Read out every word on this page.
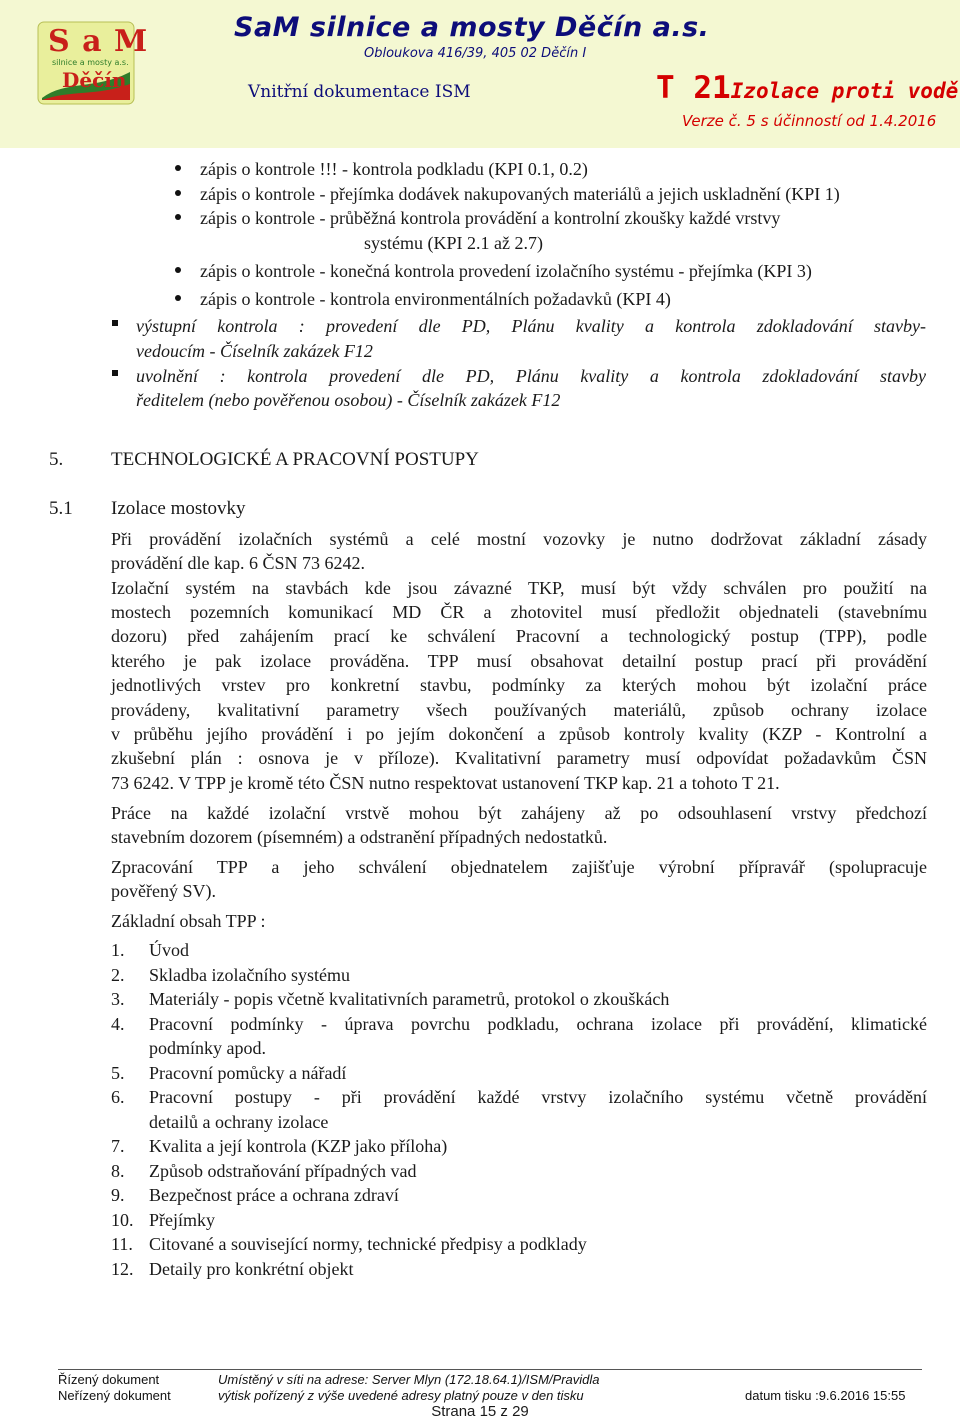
S a M
silnice a mosty a.s.
Děčín
SaM silnice a mosty Děčín a.s.
Obloukova 416/39, 405 02 Děčín I
Vnitřní dokumentace ISM	T 21Izolace proti vodě
Verze č. 5 s účinností od 1.4.2016
zápis o kontrole !!! - kontrola podkladu (KPI 0.1, 0.2)
zápis o kontrole - přejímka dodávek nakupovaných materiálů a jejich uskladnění (KPI 1)
zápis o kontrole - průběžná kontrola provádění a kontrolní zkoušky každé vrstvy
systému (KPI 2.1 až 2.7)
zápis o kontrole - konečná kontrola provedení izolačního systému - přejímka (KPI 3)
zápis o kontrole - kontrola environmentálních požadavků (KPI 4)
výstupní kontrola : provedení dle PD, Plánu kvality a kontrola zdokladování stavby-
vedoucím - Číselník zakázek F12
uvolnění : kontrola provedení dle PD, Plánu kvality a kontrola zdokladování stavby
ředitelem (nebo pověřenou osobou) - Číselník zakázek F12
5.	TECHNOLOGICKÉ A PRACOVNÍ POSTUPY
5.1 Izolace mostovky
Při provádění izolačních systémů a celé mostní vozovky je nutno dodržovat základní zásady
provádění dle kap. 6 ČSN 73 6242.
Izolační systém na stavbách kde jsou závazné TKP, musí být vždy schválen pro použití na
mostech pozemních komunikací MD ČR a zhotovitel musí předložit objednateli (stavebnímu
dozoru) před zahájením prací ke schválení Pracovní a technologický postup (TPP), podle
kterého je pak izolace prováděna. TPP musí obsahovat detailní postup prací při provádění
jednotlivých vrstev pro konkretní stavbu, podmínky za kterých mohou být izolační práce
provádeny, kvalitativní parametry všech používaných materiálů, způsob ochrany izolace
v průběhu jejího provádění i po jejím dokončení a způsob kontroly kvality (KZP - Kontrolní a
zkušební plán : osnova je v příloze). Kvalitativní parametry musí odpovídat požadavkům ČSN
73 6242. V TPP je kromě této ČSN nutno respektovat ustanovení TKP kap. 21 a tohoto T 21.
Práce na každé izolační vrstvě mohou být zahájeny až po odsouhlasení vrstvy předchozí
stavebním dozorem (písemném) a odstranění případných nedostatků.
Zpracování TPP a jeho schválení objednatelem zajišťuje výrobní přípravář (spolupracuje
pověřený SV).
Základní obsah TPP :
1. Úvod
2. Skladba izolačního systému
3. Materiály - popis včetně kvalitativních parametrů, protokol o zkouškách
4. Pracovní podmínky - úprava povrchu podkladu, ochrana izolace při provádění, klimatické
podmínky apod.
5. Pracovní pomůcky a nářadí
6. Pracovní postupy - při provádění každé vrstvy izolačního systému včetně provádění
detailů a ochrany izolace
7. Kvalita a její kontrola (KZP jako příloha)
8. Způsob odstraňování případných vad
9. Bezpečnost práce a ochrana zdraví
10. Přejímky
11. Citované a související normy, technické předpisy a podklady
12. Detaily pro konkrétní objekt
Řízený dokument
Neřízený dokument
Umístěný v síti na adrese: Server Mlyn (172.18.64.1)/ISM/Pravidla
výtisk pořízený z výše uvedené adresy platný pouze v den tisku	datum tisku :9.6.2016 15:55
Strana 15 z 29
